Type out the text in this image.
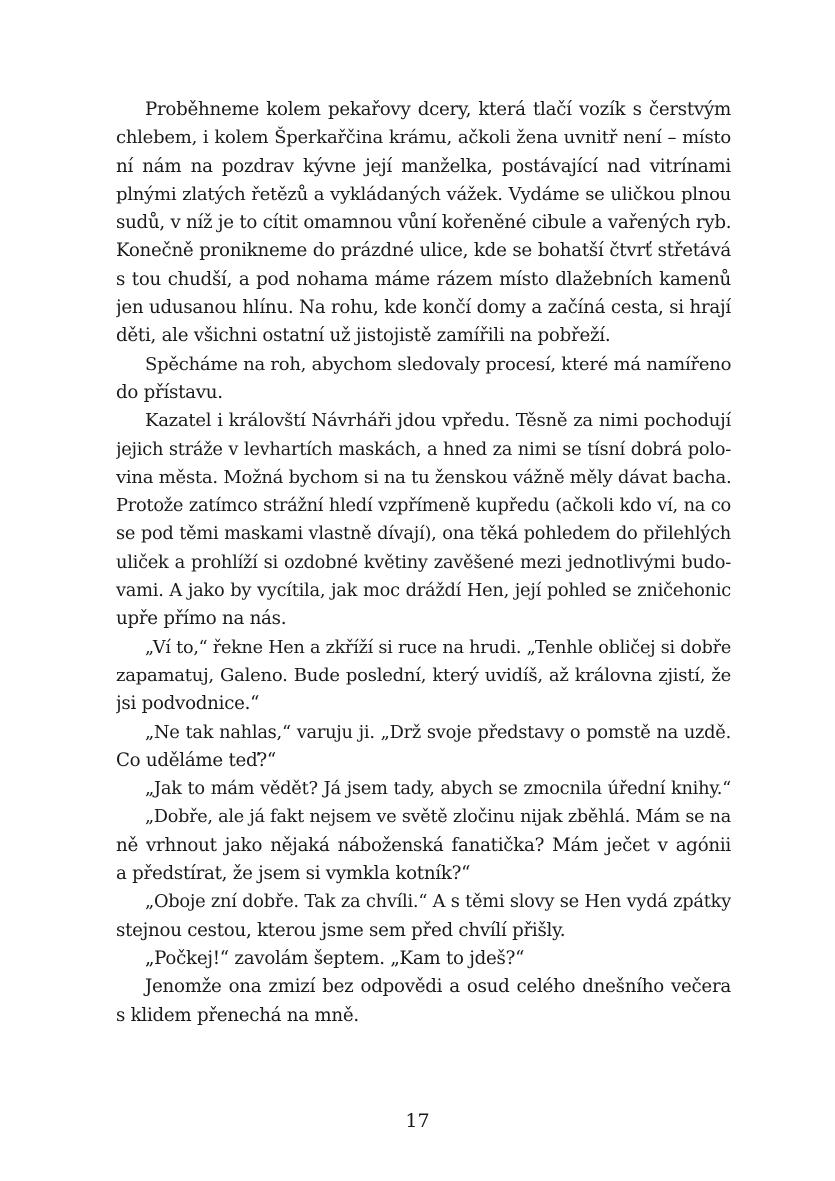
Proběhneme kolem pekařovy dcery, která tlačí vozík s čerstvým
chlebem, i kolem Šperkařčina krámu, ačkoli žena uvnitř není – místo
ní nám na pozdrav kývne její manželka, postávající nad vitrínami
plnými zlatých řetězů a vykládaných vážek. Vydáme se uličkou plnou
sudů, v níž je to cítit omamnou vůní kořeněné cibule a vařených ryb.
Konečně pronikneme do prázdné ulice, kde se bohatší čtvrť střetává
s tou chudší, a pod nohama máme rázem místo dlažebních kamenů
jen udusanou hlínu. Na rohu, kde končí domy a začíná cesta, si hrají
děti, ale všichni ostatní už jistojistě zamířili na pobřeží.
Spěcháme na roh, abychom sledovaly procesí, které má namířeno
do přístavu.
Kazatel i královští Návrháři jdou vpředu. Těsně za nimi pochodují
jejich stráže v levhartích maskách, a hned za nimi se tísní dobrá polo-
vina města. Možná bychom si na tu ženskou vážně měly dávat bacha.
Protože zatímco strážní hledí vzpřímeně kupředu (ačkoli kdo ví, na co
se pod těmi maskami vlastně dívají), ona těká pohledem do přilehlých
uliček a prohlíží si ozdobné květiny zavěšené mezi jednotlivými budo-
vami. A jako by vycítila, jak moc dráždí Hen, její pohled se zničehonic
upře přímo na nás.
„Ví to,“ řekne Hen a zkříží si ruce na hrudi. „Tenhle obličej si dobře
zapamatuj, Galeno. Bude poslední, který uvidíš, až královna zjistí, že
jsi podvodnice.“
„Ne tak nahlas,“ varuju ji. „Drž svoje představy o pomstě na uzdě.
Co uděláme teď?“
„Jak to mám vědět? Já jsem tady, abych se zmocnila úřední knihy.“
„Dobře, ale já fakt nejsem ve světě zločinu nijak zběhlá. Mám se na
ně vrhnout jako nějaká náboženská fanatička? Mám ječet v agónii
a předstírat, že jsem si vymkla kotník?“
„Oboje zní dobře. Tak za chvíli.“ A s těmi slovy se Hen vydá zpátky
stejnou cestou, kterou jsme sem před chvílí přišly.
„Počkej!“ zavolám šeptem. „Kam to jdeš?“
Jenomže ona zmizí bez odpovědi a osud celého dnešního večera
s klidem přenechá na mně.
17
